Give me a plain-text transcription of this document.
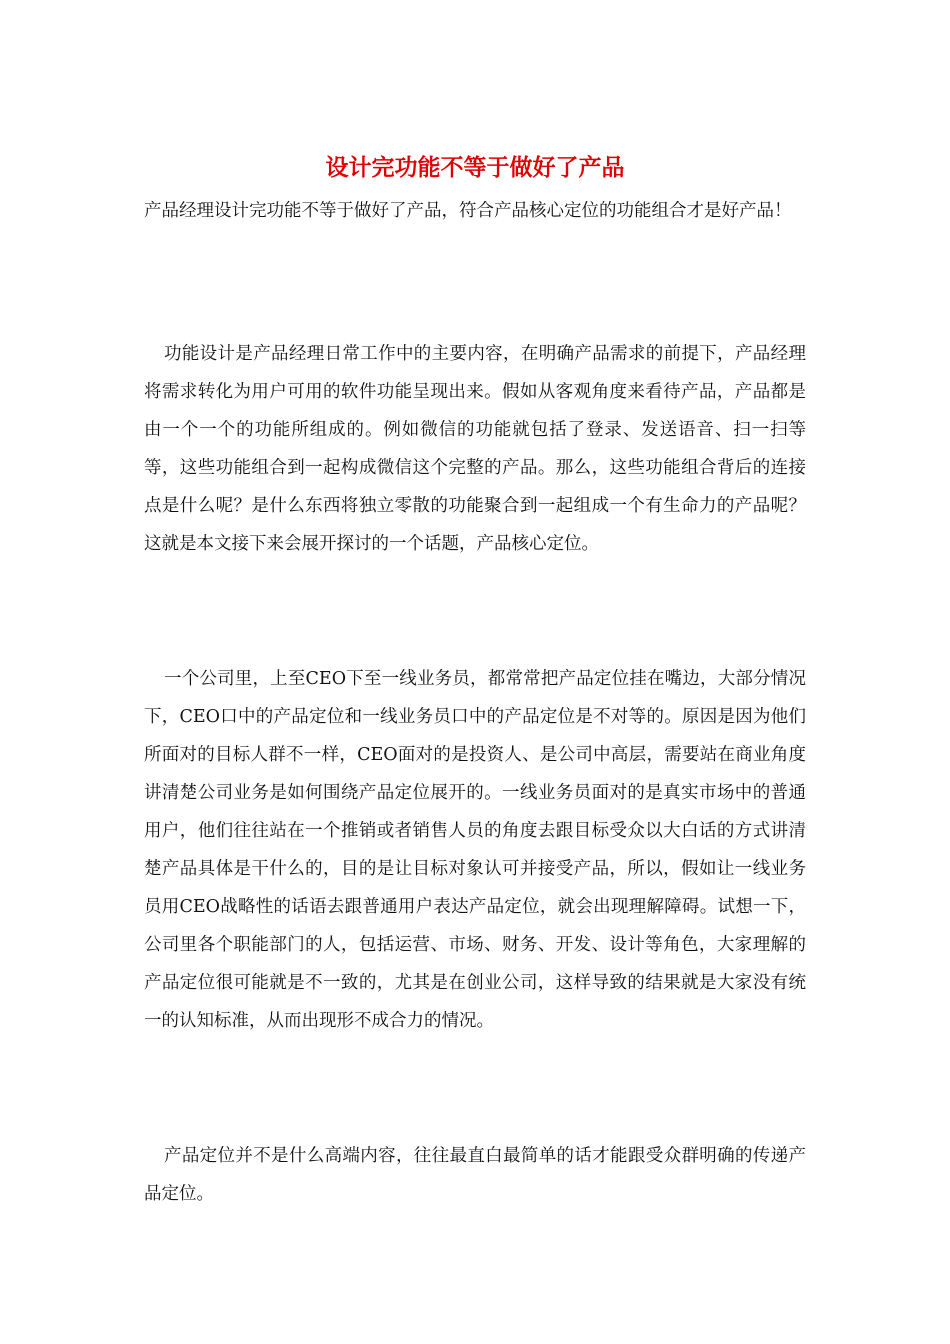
设计完功能不等于做好了产品

产品经理设计完功能不等于做好了产品，符合产品核心定位的功能组合才是好产品！

功能设计是产品经理日常工作中的主要内容，在明确产品需求的前提下，产品经理将需求转化为用户可用的软件功能呈现出来。假如从客观角度来看待产品，产品都是由一个一个的功能所组成的。例如微信的功能就包括了登录、发送语音、扫一扫等等，这些功能组合到一起构成微信这个完整的产品。那么，这些功能组合背后的连接点是什么呢？是什么东西将独立零散的功能聚合到一起组成一个有生命力的产品呢？这就是本文接下来会展开探讨的一个话题，产品核心定位。

一个公司里，上至CEO下至一线业务员，都常常把产品定位挂在嘴边，大部分情况下，CEO口中的产品定位和一线业务员口中的产品定位是不对等的。原因是因为他们所面对的目标人群不一样，CEO面对的是投资人、是公司中高层，需要站在商业角度讲清楚公司业务是如何围绕产品定位展开的。一线业务员面对的是真实市场中的普通用户，他们往往站在一个推销或者销售人员的角度去跟目标受众以大白话的方式讲清楚产品具体是干什么的，目的是让目标对象认可并接受产品，所以，假如让一线业务员用CEO战略性的话语去跟普通用户表达产品定位，就会出现理解障碍。试想一下，公司里各个职能部门的人，包括运营、市场、财务、开发、设计等角色，大家理解的产品定位很可能就是不一致的，尤其是在创业公司，这样导致的结果就是大家没有统一的认知标准，从而出现形不成合力的情况。

产品定位并不是什么高端内容，往往最直白最简单的话才能跟受众群明确的传递产品定位。
